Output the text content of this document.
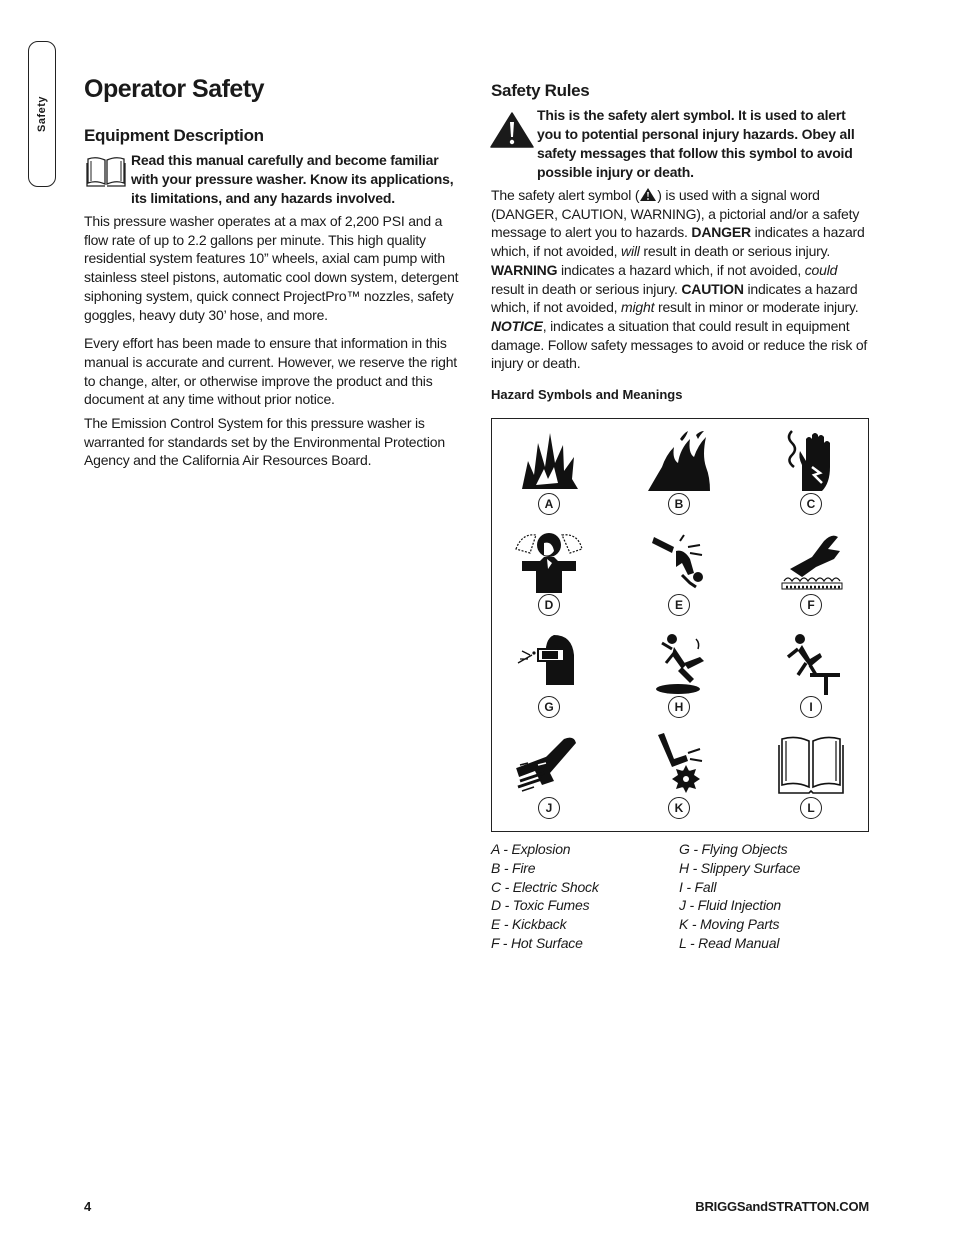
Safety
Operator Safety
Equipment Description
Read this manual carefully and become familiar with your pressure washer. Know its applications, its limitations, and any hazards involved.

This pressure washer operates at a max of 2,200 PSI and a flow rate of up to 2.2 gallons per minute. This high quality residential system features 10” wheels, axial cam pump with stainless steel pistons, automatic cool down system, detergent siphoning system, quick connect ProjectPro™ nozzles, safety goggles, heavy duty 30’ hose, and more.

Every effort has been made to ensure that information in this manual is accurate and current. However, we reserve the right to change, alter, or otherwise improve the product and this document at any time without prior notice.

The Emission Control System for this pressure washer is warranted for standards set by the Environmental Protection Agency and the California Air Resources Board.

Safety Rules
This is the safety alert symbol. It is used to alert you to potential personal injury hazards. Obey all safety messages that follow this symbol to avoid possible injury or death.

The safety alert symbol ( ) is used with a signal word (DANGER, CAUTION, WARNING), a pictorial and/or a safety message to alert you to hazards. DANGER indicates a hazard which, if not avoided, will result in death or serious injury. WARNING indicates a hazard which, if not avoided, could result in death or serious injury. CAUTION indicates a hazard which, if not avoided, might result in minor or moderate injury. NOTICE, indicates a situation that could result in equipment damage. Follow safety messages to avoid or reduce the risk of injury or death.

Hazard Symbols and Meanings

A	B	C
D	E	F
G	H	I
J	K	L
A - Explosion
B - Fire
C - Electric Shock
D - Toxic Fumes
E - Kickback
F - Hot Surface
G - Flying Objects
H - Slippery Surface
I - Fall
J - Fluid Injection
K - Moving Parts
L - Read Manual
4	BRIGGSandSTRATTON.COM
